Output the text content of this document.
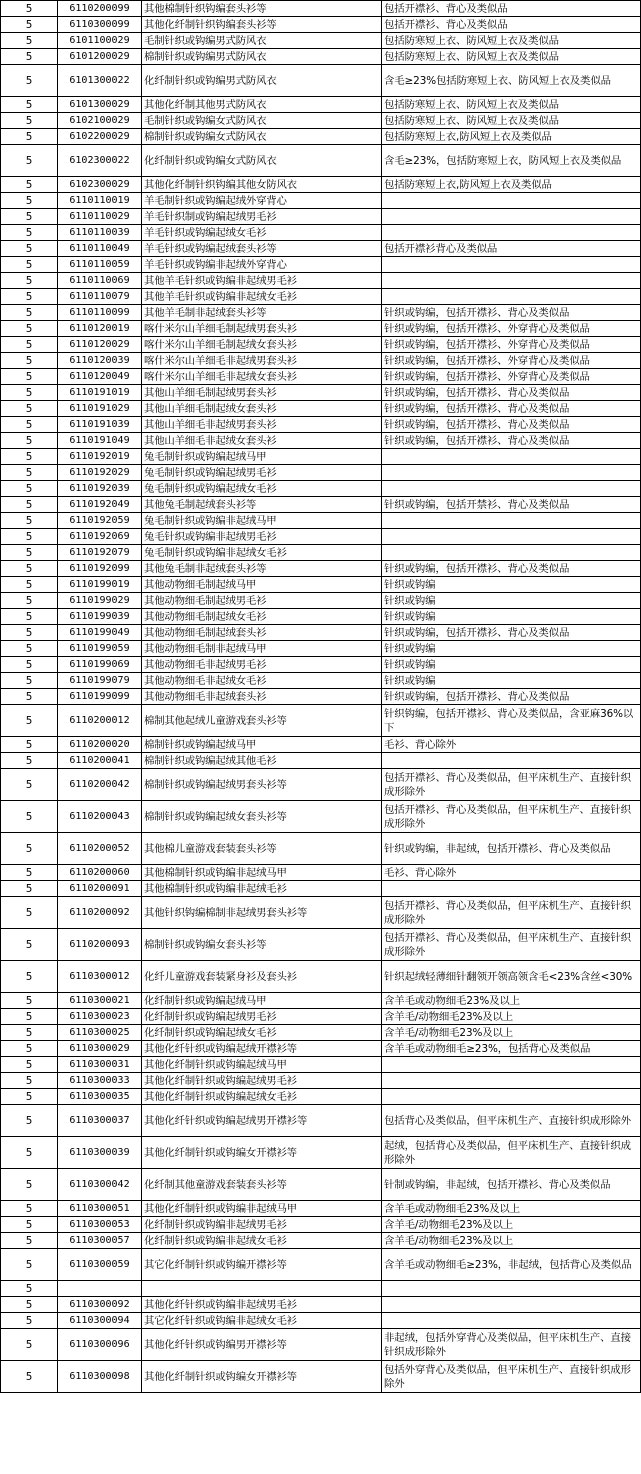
5	6110200099	其他棉制针织钩编套头衫等	包括开襟衫、背心及类似品
5	6110300099	其他化纤制针织钩编套头衫等	包括开襟衫、背心及类似品
5	6101100029	毛制针织或钩编男式防风衣	包括防寒短上衣、防风短上衣及类似品
5	6101200029	棉制针织或钩编男式防风衣	包括防寒短上衣、防风短上衣及类似品
5	6101300022	化纤制针织或钩编男式防风衣	含毛≥23%包括防寒短上衣、防风短上衣及类似品
5	6101300029	其他化纤制其他男式防风衣	包括防寒短上衣、防风短上衣及类似品
5	6102100029	毛制针织或钩编女式防风衣	包括防寒短上衣、防风短上衣及类似品
5	6102200029	棉制针织或钩编女式防风衣	包括防寒短上衣,防风短上衣及类似品
5	6102300022	化纤制针织或钩编女式防风衣	含毛≥23%，包括防寒短上衣，防风短上衣及类似品
5	6102300029	其他化纤制针织钩编其他女防风衣	包括防寒短上衣,防风短上衣及类似品
5	6110110019	羊毛制针织或钩编起绒外穿背心	
5	6110110029	羊毛针织制或钩编起绒男毛衫	
5	6110110039	羊毛针织或钩编起绒女毛衫	
5	6110110049	羊毛针织或钩编起绒套头衫等	包括开襟衫背心及类似品
5	6110110059	羊毛针织或钩编非起绒外穿背心	
5	6110110069	其他羊毛针织或钩编非起绒男毛衫	
5	6110110079	其他羊毛针织或钩编非起绒女毛衫	
5	6110110099	其他羊毛制非起绒套头衫等	针织或钩编，包括开襟衫、背心及类似品
5	6110120019	喀什米尔山羊细毛制起绒男套头衫	针织或钩编，包括开襟衫、外穿背心及类似品
5	6110120029	喀什米尔山羊细毛制起绒女套头衫	针织或钩编，包括开襟衫、外穿背心及类似品
5	6110120039	喀什米尔山羊细毛非起绒男套头衫	针织或钩编，包括开襟衫、外穿背心及类似品
5	6110120049	喀什米尔山羊细毛非起绒女套头衫	针织或钩编，包括开襟衫、外穿背心及类似品
5	6110191019	其他山羊细毛制起绒男套头衫	针织或钩编，包括开襟衫、背心及类似品
5	6110191029	其他山羊细毛制起绒女套头衫	针织或钩编，包括开襟衫、背心及类似品
5	6110191039	其他山羊细毛非起绒男套头衫	针织或钩编，包括开襟衫、背心及类似品
5	6110191049	其他山羊细毛非起绒女套头衫	针织或钩编，包括开襟衫、背心及类似品
5	6110192019	兔毛制针织或钩编起绒马甲	
5	6110192029	兔毛制针织或钩编起绒男毛衫	
5	6110192039	兔毛制针织或钩编起绒女毛衫	
5	6110192049	其他兔毛制起绒套头衫等	针织或钩编，包括开禁衫、背心及类似品
5	6110192059	兔毛制针织或钩编非起绒马甲	
5	6110192069	兔毛针织或钩编非起绒男毛衫	
5	6110192079	兔毛制针织或钩编非起绒女毛衫	
5	6110192099	其他兔毛制非起绒套头衫等	针织或钩编，包括开襟衫、背心及类似品
5	6110199019	其他动物细毛制起绒马甲	针织或钩编
5	6110199029	其他动物细毛制起绒男毛衫	针织或钩编
5	6110199039	其他动物细毛制起绒女毛衫	针织或钩编
5	6110199049	其他动物细毛制起绒套头衫	针织或钩编，包括开襟衫、背心及类似品
5	6110199059	其他动物细毛制非起绒马甲	针织或钩编
5	6110199069	其他动物细毛非起绒男毛衫	针织或钩编
5	6110199079	其他动物细毛非起绒女毛衫	针织或钩编
5	6110199099	其他动物细毛非起绒套头衫	针织或钩编，包括开襟衫、背心及类似品
5	6110200012	棉制其他起绒儿童游戏套头衫等	针织钩编，包括开襟衫、背心及类似品，含亚麻36%以下
5	6110200020	棉制针织或钩编起绒马甲	毛衫、背心除外
5	6110200041	棉制针织或钩编起绒其他毛衫	
5	6110200042	棉制针织或钩编起绒男套头衫等	包括开襟衫、背心及类似品，但平床机生产、直接针织成形除外
5	6110200043	棉制针织或钩编起绒女套头衫等	包括开襟衫、背心及类似品，但平床机生产、直接针织成形除外
5	6110200052	其他棉儿童游戏套装套头衫等	针织或钩编，非起绒，包括开襟衫、背心及类似品
5	6110200060	其他棉制针织或钩编非起绒马甲	毛衫、背心除外
5	6110200091	其他棉制针织或钩编非起绒毛衫	
5	6110200092	其他针织钩编棉制非起绒男套头衫等	包括开襟衫、背心及类似品，但平床机生产、直接针织成形除外
5	6110200093	棉制针织或钩编女套头衫等	包括开襟衫、背心及类似品，但平床机生产、直接针织成形除外
5	6110300012	化纤儿童游戏套装紧身衫及套头衫	针织起绒轻薄细针翻领开领高领含毛<23%含丝<30%
5	6110300021	化纤制针织或钩编起绒马甲	含羊毛或动物细毛23%及以上
5	6110300023	化纤制针织或钩编起绒男毛衫	含羊毛/动物细毛23%及以上
5	6110300025	化纤制针织或钩编起绒女毛衫	含羊毛/动物细毛23%及以上
5	6110300029	其他化纤针织或钩编起绒开襟衫等	含羊毛或动物细毛≥23%，包括背心及类似品
5	6110300031	其他化纤制针织或钩编起绒马甲	
5	6110300033	其他化纤制针织或钩编起绒男毛衫	
5	6110300035	其他化纤制针织或钩编起绒女毛衫	
5	6110300037	其他化纤针织或钩编起绒男开襟衫等	包括背心及类似品，但平床机生产、直接针织成形除外
5	6110300039	其他化纤制针织或钩编女开襟衫等	起绒，包括背心及类似品，但平床机生产、直接针织成形除外
5	6110300042	化纤制其他童游戏套装套头衫等	针制或钩编，非起绒，包括开襟衫、背心及类似品
5	6110300051	其他化纤制针织或钩编非起绒马甲	含羊毛或动物细毛23%及以上
5	6110300053	化纤制针织或钩编非起绒男毛衫	含羊毛/动物细毛23%及以上
5	6110300057	化纤制针织或钩编非起绒女毛衫	含羊毛/动物细毛23%及以上
5	6110300059	其它化纤制针织或钩编开襟衫等	含羊毛或动物细毛≥23%，非起绒，包括背心及类似品
5			
5	6110300092	其他化纤针织或钩编非起绒男毛衫	
5	6110300094	其它化纤针织或钩编非起绒女毛衫	
5	6110300096	其他化纤针织或钩编男开襟衫等	非起绒，包括外穿背心及类似品，但平床机生产、直接针织成形除外
5	6110300098	其他化纤制针织或钩编女开襟衫等	包括外穿背心及类似品，但平床机生产、直接针织成形除外
